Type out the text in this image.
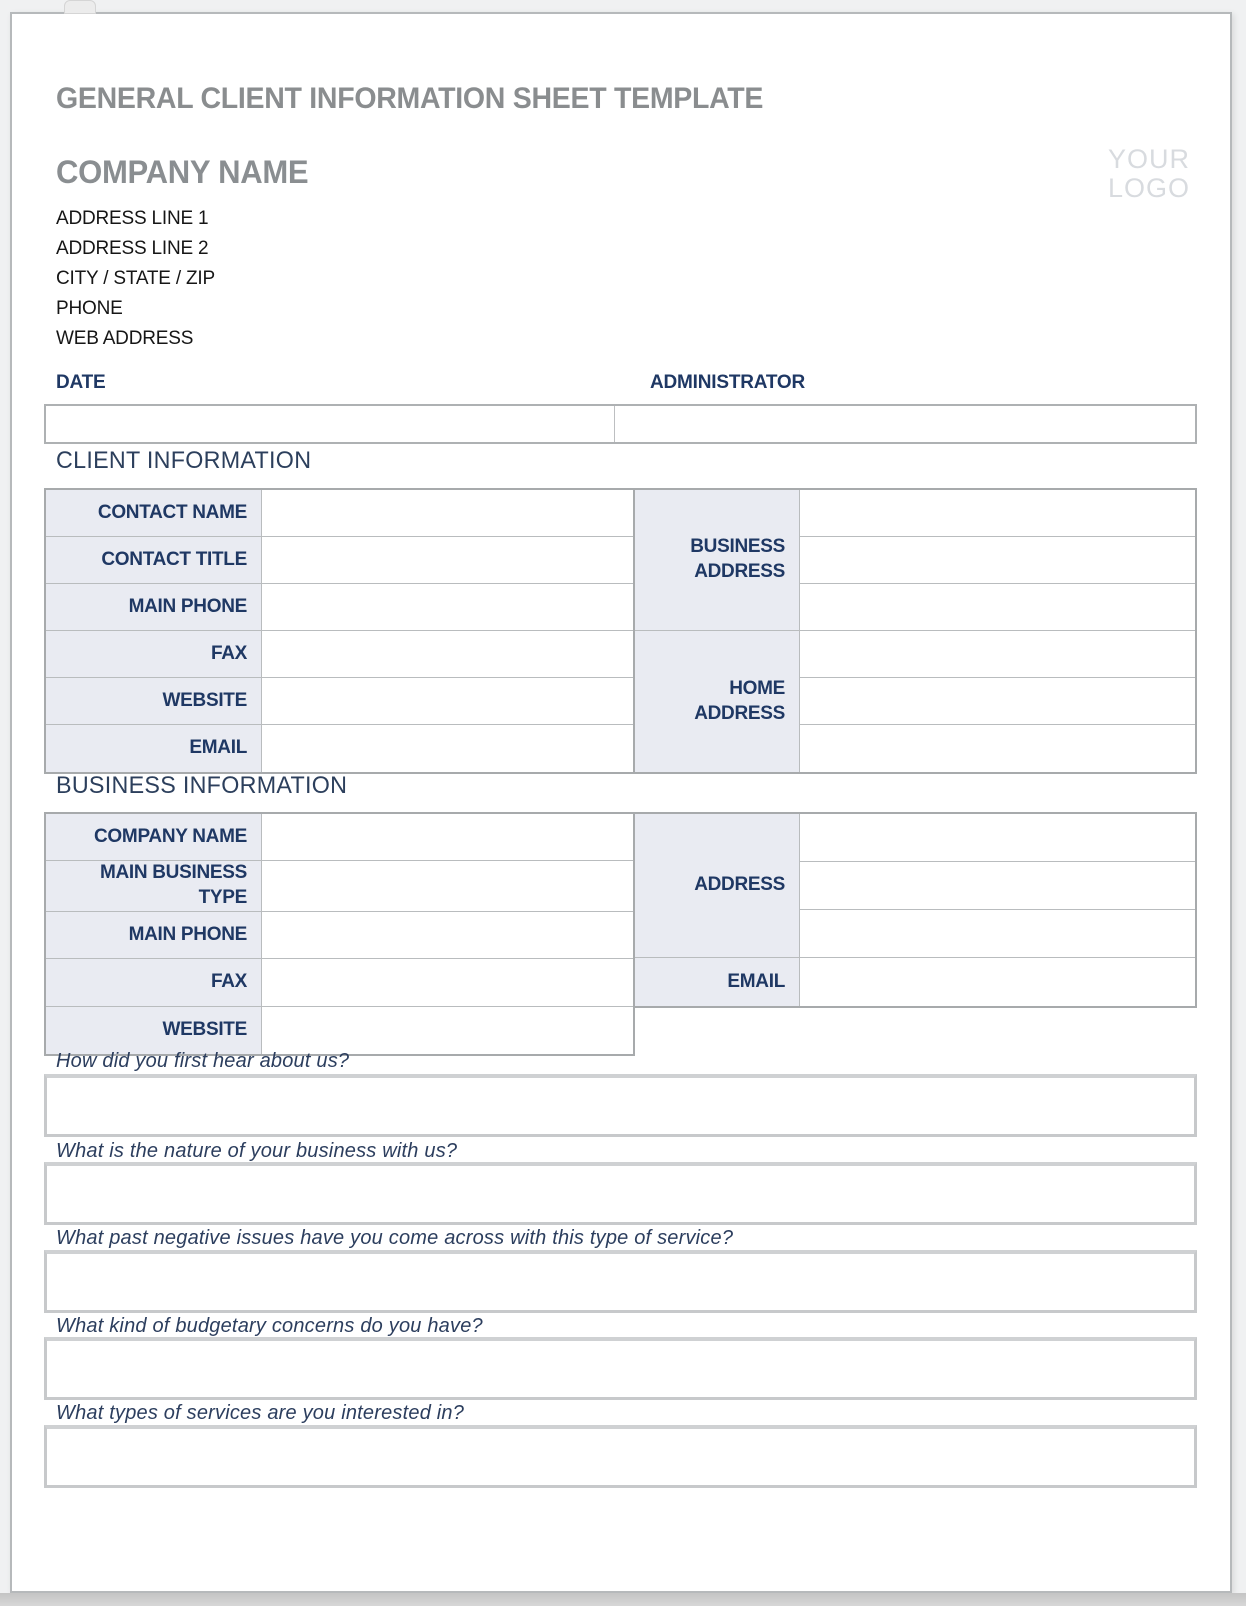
GENERAL CLIENT INFORMATION SHEET TEMPLATE
YOUR
LOGO
COMPANY NAME
ADDRESS LINE 1
ADDRESS LINE 2
CITY / STATE / ZIP
PHONE
WEB ADDRESS
DATE	ADMINISTRATOR
CLIENT INFORMATION
CONTACT NAME
CONTACT TITLE
MAIN PHONE
FAX
WEBSITE
EMAIL
BUSINESS ADDRESS
HOME ADDRESS
BUSINESS INFORMATION
COMPANY NAME
MAIN BUSINESS TYPE
MAIN PHONE
FAX
WEBSITE
ADDRESS
EMAIL
How did you first hear about us?
What is the nature of your business with us?
What past negative issues have you come across with this type of service?
What kind of budgetary concerns do you have?
What types of services are you interested in?
